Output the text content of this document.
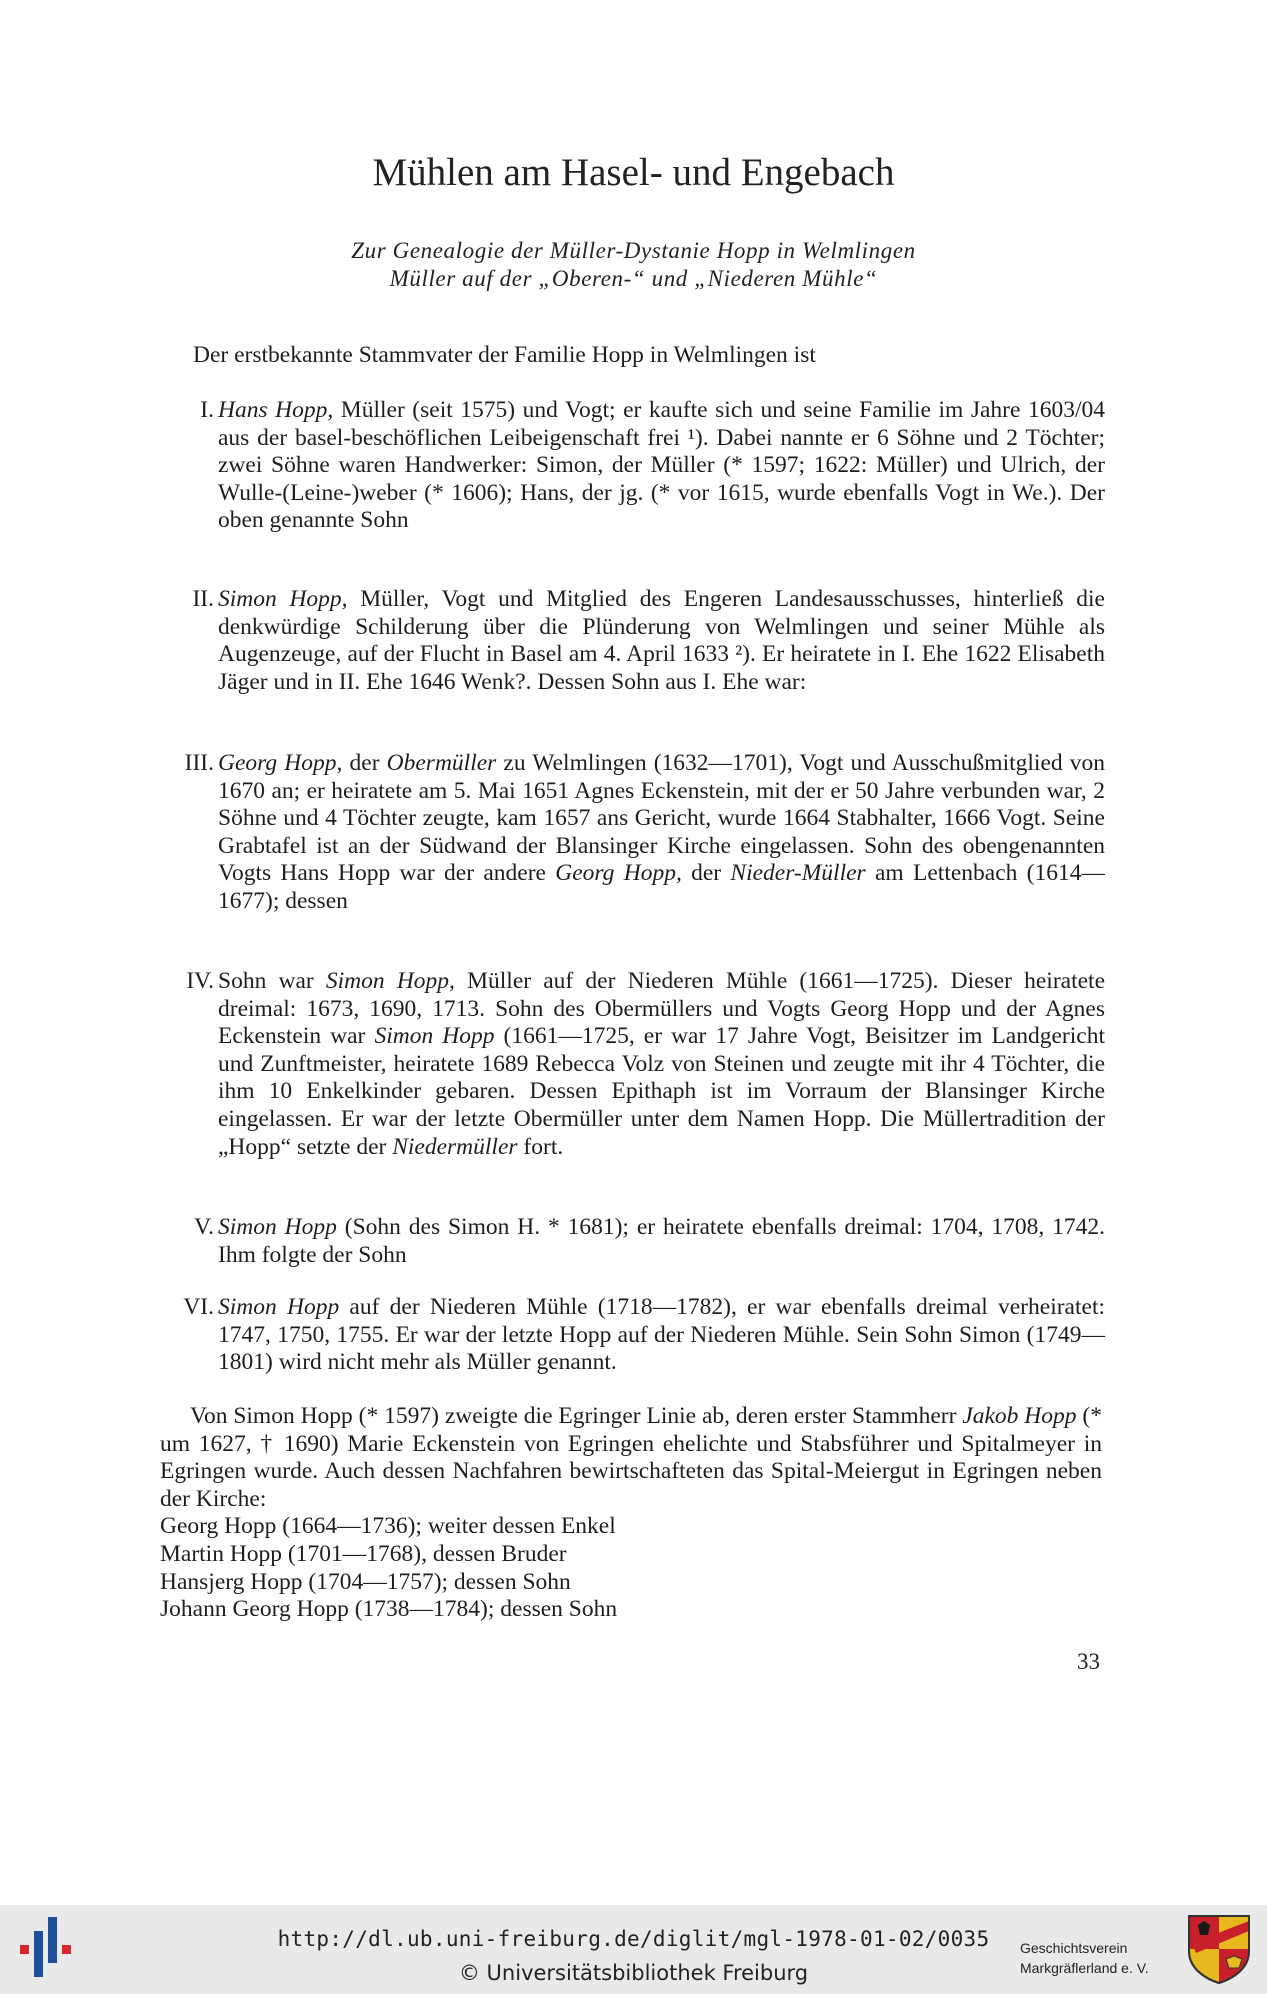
Mühlen am Hasel- und Engebach
Zur Genealogie der Müller-Dystanie Hopp in Welmlingen
Müller auf der „Oberen-“ und „Niederen Mühle“
Der erstbekannte Stammvater der Familie Hopp in Welmlingen ist
I. Hans Hopp, Müller (seit 1575) und Vogt; er kaufte sich und seine Familie im Jahre 1603/04 aus der basel-beschöflichen Leibeigenschaft frei ¹). Dabei nannte er 6 Söhne und 2 Töchter; zwei Söhne waren Handwerker: Simon, der Müller (* 1597; 1622: Müller) und Ulrich, der Wulle-(Leine-)weber (* 1606); Hans, der jg. (* vor 1615, wurde ebenfalls Vogt in We.). Der oben genannte Sohn
II. Simon Hopp, Müller, Vogt und Mitglied des Engeren Landesausschusses, hinterließ die denkwürdige Schilderung über die Plünderung von Welmlingen und seiner Mühle als Augenzeuge, auf der Flucht in Basel am 4. April 1633 ²). Er heiratete in I. Ehe 1622 Elisabeth Jäger und in II. Ehe 1646 Wenk?. Dessen Sohn aus I. Ehe war:
III. Georg Hopp, der Obermüller zu Welmlingen (1632—1701), Vogt und Ausschußmitglied von 1670 an; er heiratete am 5. Mai 1651 Agnes Eckenstein, mit der er 50 Jahre verbunden war, 2 Söhne und 4 Töchter zeugte, kam 1657 ans Gericht, wurde 1664 Stabhalter, 1666 Vogt. Seine Grabtafel ist an der Südwand der Blansinger Kirche eingelassen. Sohn des obengenannten Vogts Hans Hopp war der andere Georg Hopp, der Nieder-Müller am Lettenbach (1614—1677); dessen
IV. Sohn war Simon Hopp, Müller auf der Niederen Mühle (1661—1725). Dieser heiratete dreimal: 1673, 1690, 1713. Sohn des Obermüllers und Vogts Georg Hopp und der Agnes Eckenstein war Simon Hopp (1661—1725, er war 17 Jahre Vogt, Beisitzer im Landgericht und Zunftmeister, heiratete 1689 Rebecca Volz von Steinen und zeugte mit ihr 4 Töchter, die ihm 10 Enkelkinder gebaren. Dessen Epithaph ist im Vorraum der Blansinger Kirche eingelassen. Er war der letzte Obermüller unter dem Namen Hopp. Die Müllertradition der „Hopp“ setzte der Niedermüller fort.
V. Simon Hopp (Sohn des Simon H. * 1681); er heiratete ebenfalls dreimal: 1704, 1708, 1742. Ihm folgte der Sohn
VI. Simon Hopp auf der Niederen Mühle (1718—1782), er war ebenfalls dreimal verheiratet: 1747, 1750, 1755. Er war der letzte Hopp auf der Niederen Mühle. Sein Sohn Simon (1749—1801) wird nicht mehr als Müller genannt.
Von Simon Hopp (* 1597) zweigte die Egringer Linie ab, deren erster Stammherr Jakob Hopp (* um 1627, † 1690) Marie Eckenstein von Egringen ehelichte und Stabsführer und Spitalmeyer in Egringen wurde. Auch dessen Nachfahren bewirtschafteten das Spital-Meiergut in Egringen neben der Kirche:
Georg Hopp (1664—1736); weiter dessen Enkel
Martin Hopp (1701—1768), dessen Bruder
Hansjerg Hopp (1704—1757); dessen Sohn
Johann Georg Hopp (1738—1784); dessen Sohn
33
http://dl.ub.uni-freiburg.de/diglit/mgl-1978-01-02/0035
© Universitätsbibliothek Freiburg
Geschichtsverein
Markgräflerland e. V.
